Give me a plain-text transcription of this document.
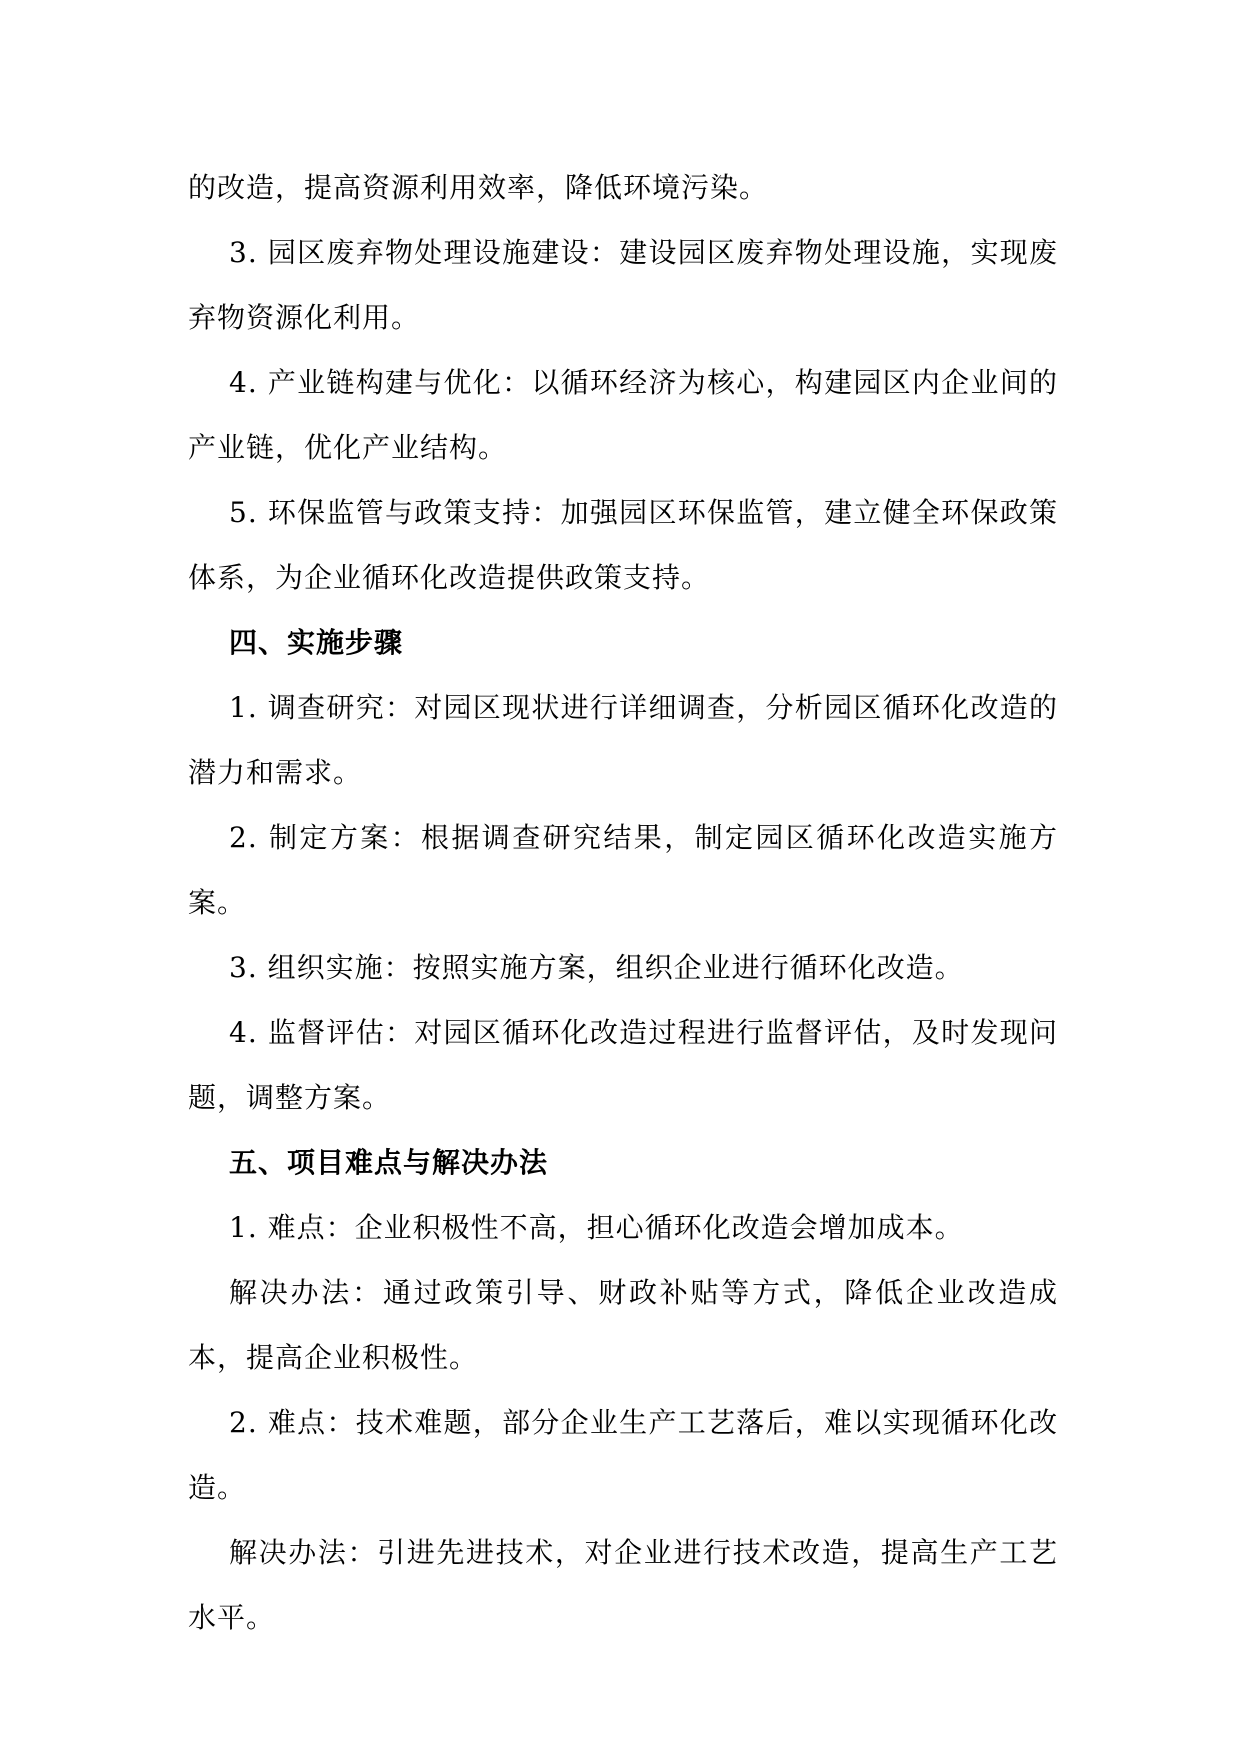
的改造，提高资源利用效率，降低环境污染。

3. 园区废弃物处理设施建设：建设园区废弃物处理设施，实现废弃物资源化利用。

4. 产业链构建与优化：以循环经济为核心，构建园区内企业间的产业链，优化产业结构。

5. 环保监管与政策支持：加强园区环保监管，建立健全环保政策体系，为企业循环化改造提供政策支持。

四、实施步骤

1. 调查研究：对园区现状进行详细调查，分析园区循环化改造的潜力和需求。

2. 制定方案：根据调查研究结果，制定园区循环化改造实施方案。

3. 组织实施：按照实施方案，组织企业进行循环化改造。

4. 监督评估：对园区循环化改造过程进行监督评估，及时发现问题，调整方案。

五、项目难点与解决办法

1. 难点：企业积极性不高，担心循环化改造会增加成本。

解决办法：通过政策引导、财政补贴等方式，降低企业改造成本，提高企业积极性。

2. 难点：技术难题，部分企业生产工艺落后，难以实现循环化改造。

解决办法：引进先进技术，对企业进行技术改造，提高生产工艺水平。
